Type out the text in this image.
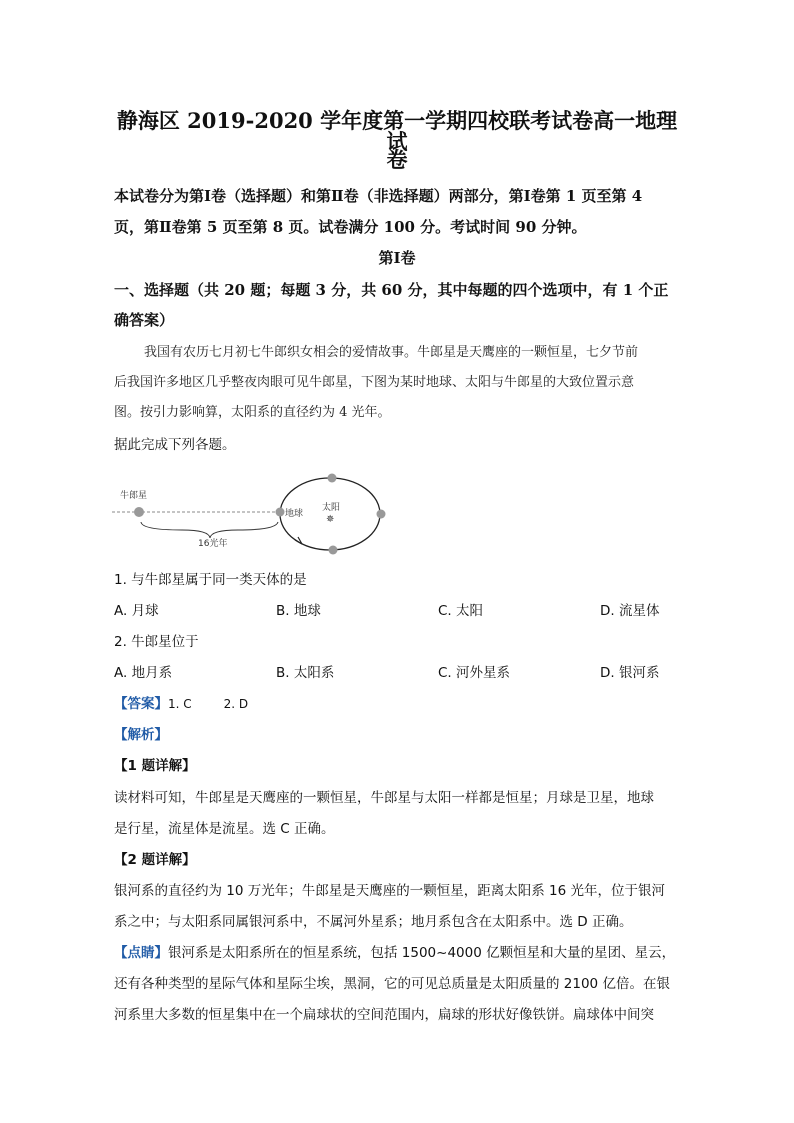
静海区 2019-2020 学年度第一学期四校联考试卷高一地理试
卷
本试卷分为第Ⅰ卷（选择题）和第Ⅱ卷（非选择题）两部分，第Ⅰ卷第 1 页至第 4
页，第Ⅱ卷第 5 页至第 8 页。试卷满分 100 分。考试时间 90 分钟。
第Ⅰ卷
一、选择题（共 20 题；每题 3 分，共 60 分，其中每题的四个选项中，有 1 个正
确答案）
我国有农历七月初七牛郎织女相会的爱情故事。牛郎星是天鹰座的一颗恒星，七夕节前
后我国许多地区几乎整夜肉眼可见牛郎星，下图为某时地球、太阳与牛郎星的大致位置示意
图。按引力影响算，太阳系的直径约为 4 光年。
据此完成下列各题。
牛郎星
地球
太阳
✵
16光年
1. 与牛郎星属于同一类天体的是
A. 月球	B. 地球	C. 太阳	D. 流星体
2. 牛郎星位于
A. 地月系	B. 太阳系	C. 河外星系	D. 银河系
【答案】1. C	2. D
【解析】
【1 题详解】
读材料可知，牛郎星是天鹰座的一颗恒星，牛郎星与太阳一样都是恒星；月球是卫星，地球
是行星，流星体是流星。选 C 正确。
【2 题详解】
银河系的直径约为 10 万光年；牛郎星是天鹰座的一颗恒星，距离太阳系 16 光年，位于银河
系之中；与太阳系同属银河系中，不属河外星系；地月系包含在太阳系中。选 D 正确。
【点睛】银河系是太阳系所在的恒星系统，包括 1500~4000 亿颗恒星和大量的星团、星云，
还有各种类型的星际气体和星际尘埃，黑洞，它的可见总质量是太阳质量的 2100 亿倍。在银
河系里大多数的恒星集中在一个扁球状的空间范围内，扁球的形状好像铁饼。扁球体中间突
